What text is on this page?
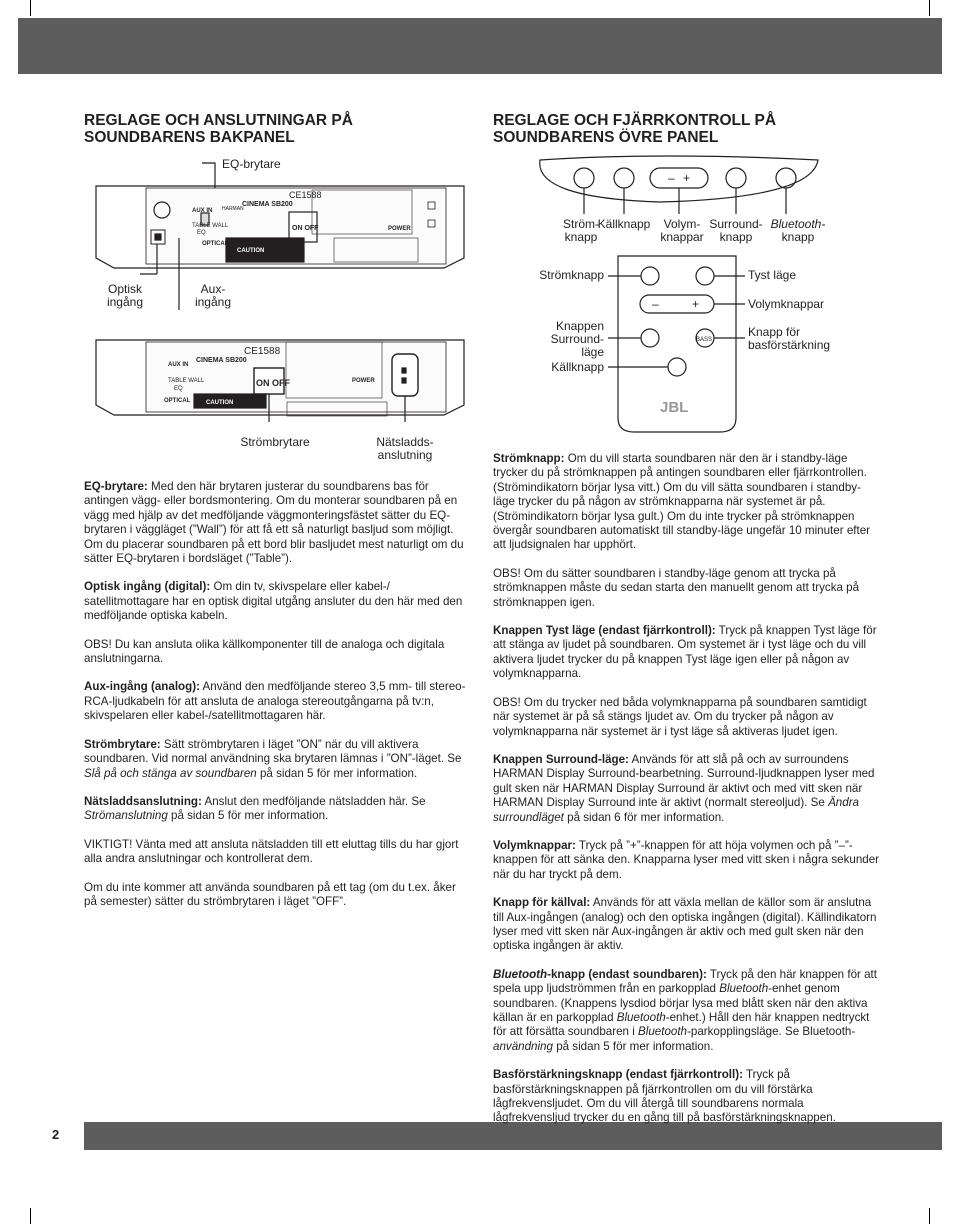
2
REGLAGE OCH ANSLUTNINGAR PÅ
SOUNDBARENS BAKPANEL
REGLAGE OCH FJÄRRKONTROLL PÅ
SOUNDBARENS ÖVRE PANEL
AUX IN
TABLE WALL
EQ
OPTICAL
HARMAN
CINEMA SB200
CE1588
ON OFF
CAUTION
POWER
AUX IN
TABLE WALL
EQ
OPTICAL
CINEMA SB200
CE1588
ON OFF
CAUTION
POWER
EQ-brytare
Optisk
ingång
Aux-
ingång
Strömbrytare	Nätsladds-
anslutning
– +
–	+
BASS
JBL
Ström-
knapp
Källknapp	Volym-
knappar
Surround-
knapp
Bluetooth-
knapp
Strömknapp	Tyst läge
Volymknappar
Knappen
Surround-
läge
Knapp för
basförstärkning
Källknapp

EQ-brytare: Med den här brytaren justerar du soundbarens bas för antingen vägg- eller bordsmontering. Om du monterar soundbaren på en vägg med hjälp av det medföljande väggmonteringsfästet sätter du EQ-brytaren i väggläget (”Wall”) för att få ett så naturligt basljud som möjligt. Om du placerar soundbaren på ett bord blir basljudet mest naturligt om du sätter EQ-brytaren i bordsläget (”Table”).

Optisk ingång (digital): Om din tv, skivspelare eller kabel-/ satellitmottagare har en optisk digital utgång ansluter du den här med den medföljande optiska kabeln.

OBS! Du kan ansluta olika källkomponenter till de analoga och digitala anslutningarna.

Aux-ingång (analog): Använd den medföljande stereo 3,5 mm- till stereo-RCA-ljudkabeln för att ansluta de analoga stereoutgångarna på tv:n, skivspelaren eller kabel-/satellitmottagaren här.

Strömbrytare: Sätt strömbrytaren i läget ”ON” när du vill aktivera soundbaren. Vid normal användning ska brytaren lämnas i ”ON”-läget. Se Slå på och stänga av soundbaren på sidan 5 för mer information.

Nätsladdsanslutning: Anslut den medföljande nätsladden här. Se Strömanslutning på sidan 5 för mer information.

VIKTIGT! Vänta med att ansluta nätsladden till ett eluttag tills du har gjort alla andra anslutningar och kontrollerat dem.

Om du inte kommer att använda soundbaren på ett tag (om du t.ex. åker på semester) sätter du strömbrytaren i läget ”OFF”.

Strömknapp: Om du vill starta soundbaren när den är i standby-läge trycker du på strömknappen på antingen soundbaren eller fjärrkontrollen. (Strömindikatorn börjar lysa vitt.) Om du vill sätta soundbaren i standby-läge trycker du på någon av strömknapparna när systemet är på. (Strömindikatorn börjar lysa gult.) Om du inte trycker på strömknappen övergår soundbaren automatiskt till standby-läge ungefär 10 minuter efter att ljudsignalen har upphört.

OBS! Om du sätter soundbaren i standby-läge genom att trycka på strömknappen måste du sedan starta den manuellt genom att trycka på strömknappen igen.

Knappen Tyst läge (endast fjärrkontroll): Tryck på knappen Tyst läge för att stänga av ljudet på soundbaren. Om systemet är i tyst läge och du vill aktivera ljudet trycker du på knappen Tyst läge igen eller på någon av volymknapparna.

OBS! Om du trycker ned båda volymknapparna på soundbaren samtidigt när systemet är på så stängs ljudet av. Om du trycker på någon av volymknapparna när systemet är i tyst läge så aktiveras ljudet igen.

Knappen Surround-läge: Används för att slå på och av surroundens HARMAN Display Surround-bearbetning. Surround-ljudknappen lyser med gult sken när HARMAN Display Surround är aktivt och med vitt sken när HARMAN Display Surround inte är aktivt (normalt stereoljud). Se Ändra surroundläget på sidan 6 för mer information.

Volymknappar: Tryck på ”+”-knappen för att höja volymen och på ”–”-knappen för att sänka den. Knapparna lyser med vitt sken i några sekunder när du har tryckt på dem.

Knapp för källval: Används för att växla mellan de källor som är anslutna till Aux-ingången (analog) och den optiska ingången (digital). Källindikatorn lyser med vitt sken när Aux-ingången är aktiv och med gult sken när den optiska ingången är aktiv.

Bluetooth-knapp (endast soundbaren): Tryck på den här knappen för att spela upp ljudströmmen från en parkopplad Bluetooth-enhet genom soundbaren. (Knappens lysdiod börjar lysa med blått sken när den aktiva källan är en parkopplad Bluetooth-enhet.) Håll den här knappen nedtryckt för att försätta soundbaren i Bluetooth-parkopplingsläge. Se Bluetooth-användning på sidan 5 för mer information.

Basförstärkningsknapp (endast fjärrkontroll): Tryck på basförstärkningsknappen på fjärrkontrollen om du vill förstärka lågfrekvensljudet. Om du vill återgå till soundbarens normala lågfrekvensljud trycker du en gång till på basförstärkningsknappen.
